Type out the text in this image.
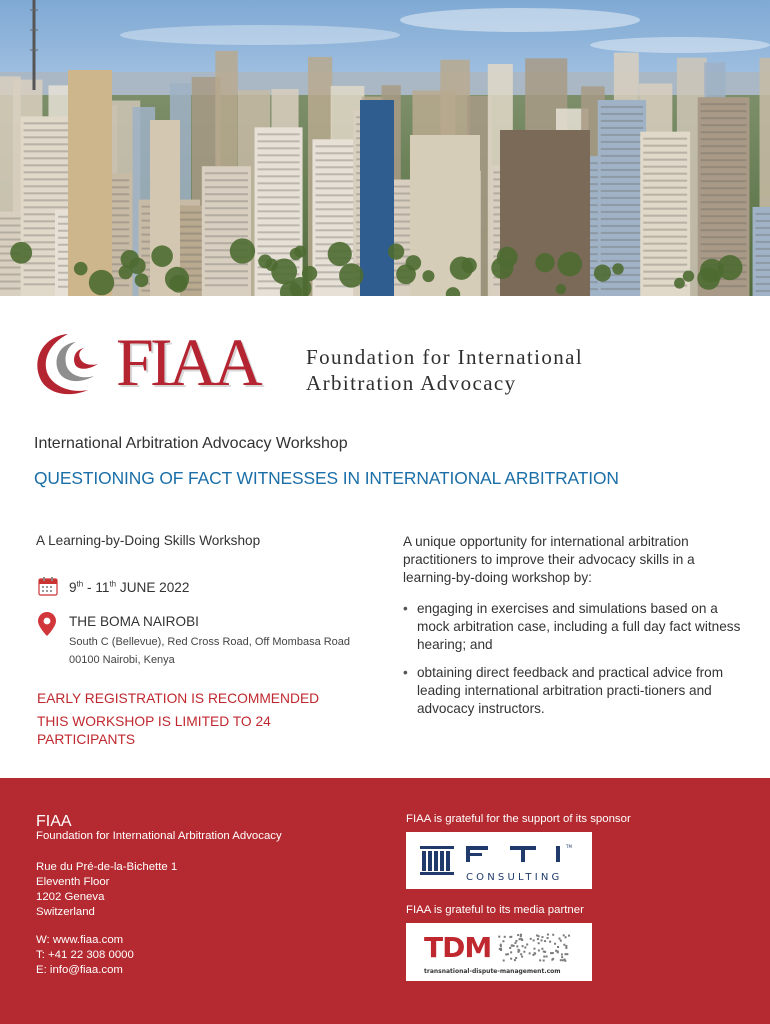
FIAA Foundation for International
Arbitration Advocacy
International Arbitration Advocacy Workshop
QUESTIONING OF FACT WITNESSES IN INTERNATIONAL ARBITRATION
A Learning-by-Doing Skills Workshop
9th - 11th JUNE 2022
THE BOMA NAIROBI
South C (Bellevue), Red Cross Road, Off Mombasa Road
00100 Nairobi, Kenya
EARLY REGISTRATION IS RECOMMENDED
THIS WORKSHOP IS LIMITED TO 24 PARTICIPANTS
A unique opportunity for international arbitration practitioners to improve their advocacy skills in a learning-by-doing workshop by:
• engaging in exercises and simulations based on a mock arbitration case, including a full day fact witness hearing; and
• obtaining direct feedback and practical advice from leading international arbitration practi-tioners and advocacy instructors.
FIAA
Foundation for International Arbitration Advocacy
Rue du Pré-de-la-Bichette 1
Eleventh Floor
1202 Geneva
Switzerland
W: www.fiaa.com
T: +41 22 308 0000
E: info@fiaa.com
FIAA is grateful for the support of its sponsor
CONSULTING
TM
FIAA is grateful to its media partner
TDM
transnational-dispute-management.com
